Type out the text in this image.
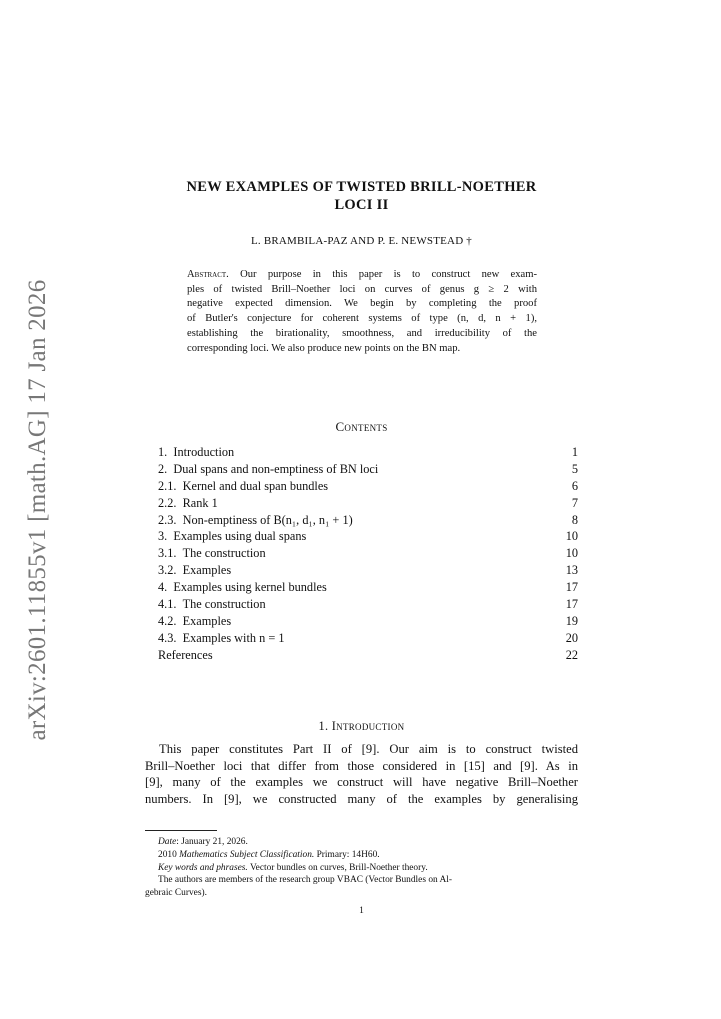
arXiv:2601.11855v1 [math.AG] 17 Jan 2026
NEW EXAMPLES OF TWISTED BRILL-NOETHER
LOCI II
L. BRAMBILA-PAZ AND P. E. NEWSTEAD †
Abstract. Our purpose in this paper is to construct new exam-
ples of twisted Brill–Noether loci on curves of genus g ≥ 2 with
negative expected dimension. We begin by completing the proof
of Butler's conjecture for coherent systems of type (n, d, n + 1),
establishing the birationality, smoothness, and irreducibility of the
corresponding loci. We also produce new points on the BN map.
Contents
1.  Introduction	1
2.  Dual spans and non-emptiness of BN loci	5
2.1.  Kernel and dual span bundles	6
2.2.  Rank 1	7
2.3.  Non-emptiness of B(n₁, d₁, n₁ + 1)	8
3.  Examples using dual spans	10
3.1.  The construction	10
3.2.  Examples	13
4.  Examples using kernel bundles	17
4.1.  The construction	17
4.2.  Examples	19
4.3.  Examples with n = 1	20
References	22
1. Introduction
This paper constitutes Part II of [9]. Our aim is to construct twisted
Brill–Noether loci that differ from those considered in [15] and [9]. As in
[9], many of the examples we construct will have negative Brill–Noether
numbers. In [9], we constructed many of the examples by generalising
Date: January 21, 2026.
2010 Mathematics Subject Classification. Primary: 14H60.
Key words and phrases. Vector bundles on curves, Brill-Noether theory.
The authors are members of the research group VBAC (Vector Bundles on Al-
gebraic Curves).
1
